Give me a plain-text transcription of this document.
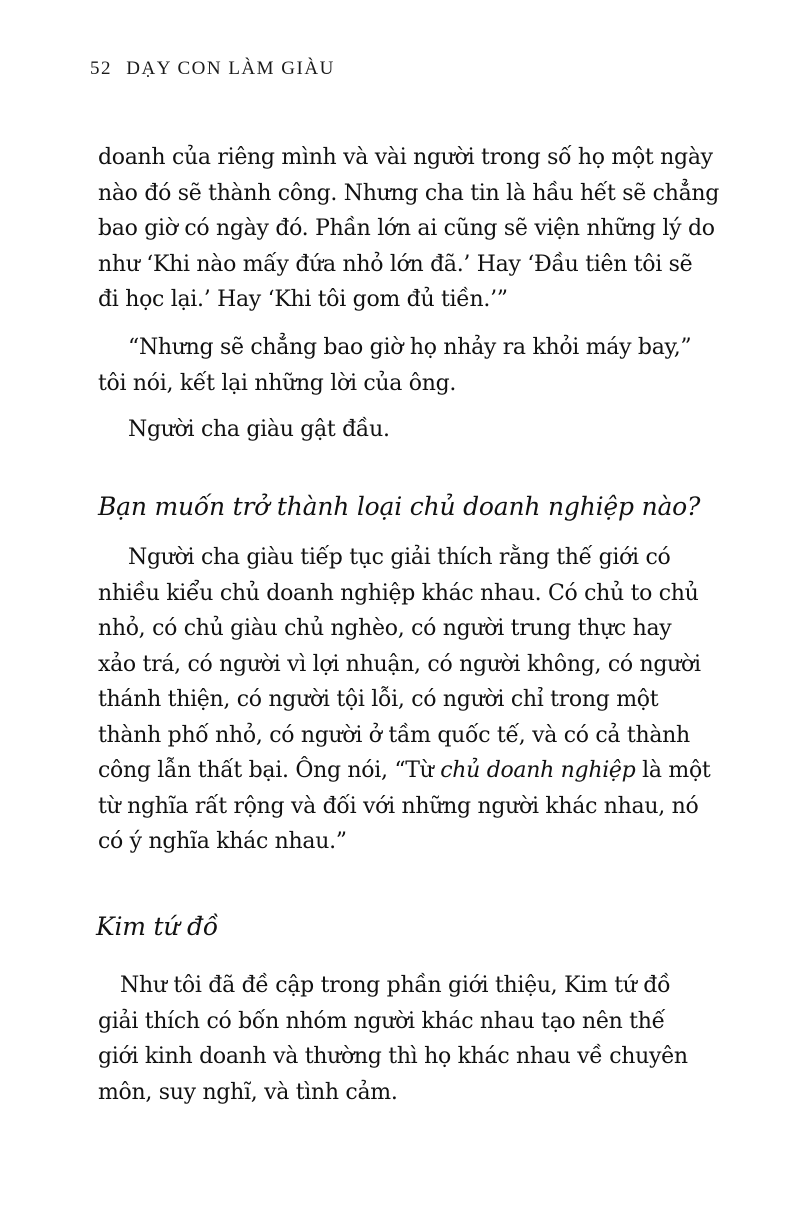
52 DẠY CON LÀM GIÀU

doanh của riêng mình và vài người trong số họ một ngày
nào đó sẽ thành công. Nhưng cha tin là hầu hết sẽ chẳng
bao giờ có ngày đó. Phần lớn ai cũng sẽ viện những lý do
như ‘Khi nào mấy đứa nhỏ lớn đã.’ Hay ‘Đầu tiên tôi sẽ
đi học lại.’ Hay ‘Khi tôi gom đủ tiền.’”

“Nhưng sẽ chẳng bao giờ họ nhảy ra khỏi máy bay,”
tôi nói, kết lại những lời của ông.

Người cha giàu gật đầu.

Bạn muốn trở thành loại chủ doanh nghiệp nào?

Người cha giàu tiếp tục giải thích rằng thế giới có
nhiều kiểu chủ doanh nghiệp khác nhau. Có chủ to chủ
nhỏ, có chủ giàu chủ nghèo, có người trung thực hay
xảo trá, có người vì lợi nhuận, có người không, có người
thánh thiện, có người tội lỗi, có người chỉ trong một
thành phố nhỏ, có người ở tầm quốc tế, và có cả thành
công lẫn thất bại. Ông nói, “Từ chủ doanh nghiệp là một
từ nghĩa rất rộng và đối với những người khác nhau, nó
có ý nghĩa khác nhau.”

Kim tứ đồ

Như tôi đã đề cập trong phần giới thiệu, Kim tứ đồ
giải thích có bốn nhóm người khác nhau tạo nên thế
giới kinh doanh và thường thì họ khác nhau về chuyên
môn, suy nghĩ, và tình cảm.
